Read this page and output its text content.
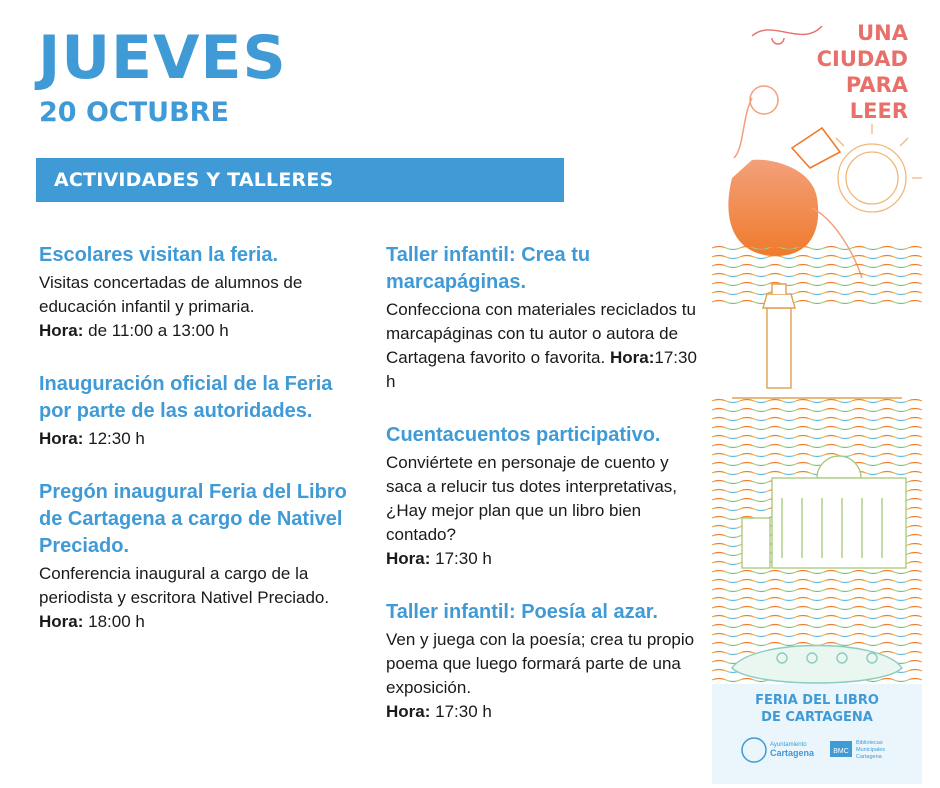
JUEVES
20 OCTUBRE
ACTIVIDADES Y TALLERES
Escolares visitan la feria.

Visitas concertadas de alumnos de educación infantil y primaria.

Hora: de 11:00 a 13:00 h

Inauguración oficial de la Feria por parte de las autoridades.

Hora: 12:30 h

Pregón inaugural Feria del Libro de Cartagena a cargo de Nativel Preciado.

Conferencia inaugural a cargo de la periodista y escritora Nativel Preciado.

Hora: 18:00 h

Taller infantil: Crea tu marcapáginas.

Confecciona con materiales reciclados tu marcapáginas con tu autor o autora de Cartagena favorito o favorita. Hora:17:30 h

Cuentacuentos participativo.

Conviértete en personaje de cuento y saca a relucir tus dotes interpretativas, ¿Hay mejor plan que un libro bien contado?

Hora: 17:30 h

Taller infantil: Poesía al azar.

Ven y juega con la poesía; crea tu propio poema que luego formará parte de una exposición.

Hora: 17:30 h

UNA
CIUDAD
PARA
LEER
FERIA DEL LIBRO
DE CARTAGENA
Ayuntamiento
Cartagena	BMC
Bibliotecas
Municipales
Cartagena
